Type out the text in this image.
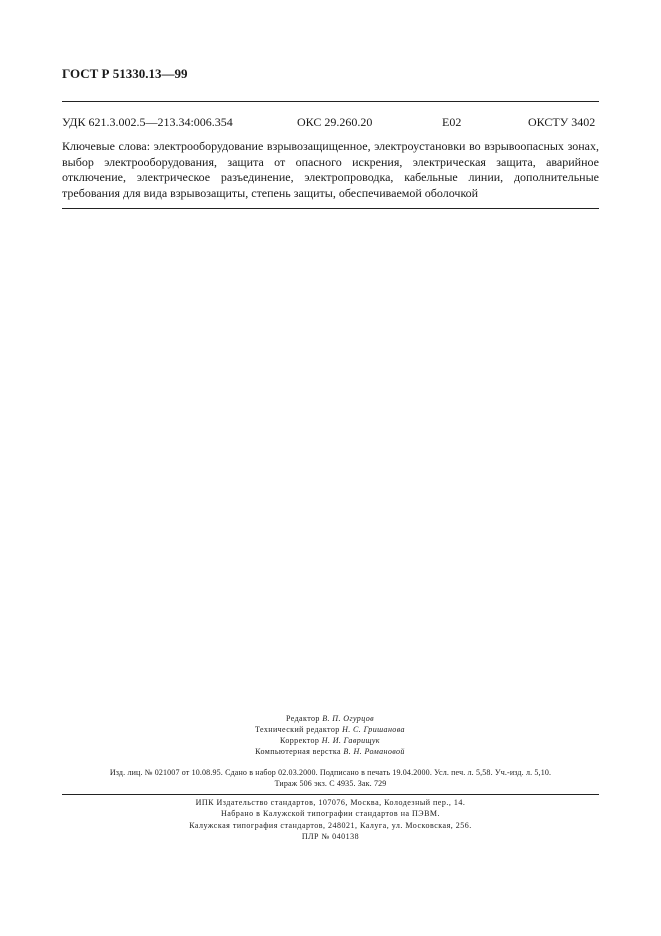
ГОСТ Р 51330.13—99
УДК 621.3.002.5—213.34:006.354	ОКС 29.260.20	Е02	ОКСТУ 3402
Ключевые слова: электрооборудование взрывозащищенное, электроустановки во взрывоопасных зонах, выбор электрооборудования, защита от опасного искрения, электрическая защита, аварийное отключение, электрическое разъединение, электропроводка, кабельные линии, дополнительные требования для вида взрывозащиты, степень защиты, обеспечиваемой оболочкой
Редактор В. П. Огурцов
Технический редактор Н. С. Гришанова
Корректор Н. И. Гаврищук
Компьютерная верстка В. Н. Романовой
Изд. лиц. № 021007 от 10.08.95. Сдано в набор 02.03.2000. Подписано в печать 19.04.2000. Усл. печ. л. 5,58. Уч.-изд. л. 5,10.
Тираж 506 экз. С 4935. Зак. 729
ИПК Издательство стандартов, 107076, Москва, Колодезный пер., 14.
Набрано в Калужской типографии стандартов на ПЭВМ.
Калужская типография стандартов, 248021, Калуга, ул. Московская, 256.
ПЛР № 040138
